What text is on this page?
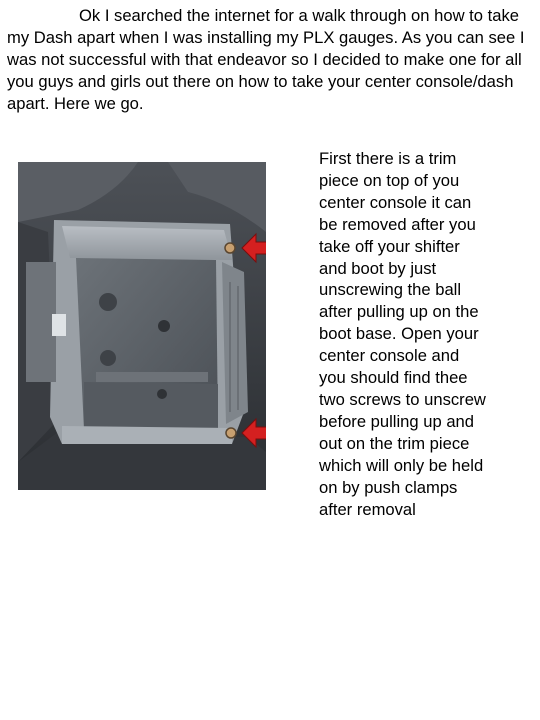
Ok I searched the internet for a walk through on how to take my Dash apart when I was installing my PLX gauges. As you can see I was not successful with that endeavor so I decided to make one for all you guys and girls out there on how to take your center console/dash apart. Here we go.

First there is a trim piece on top of you center console it can be removed after you take off your shifter and boot by just unscrewing the ball after pulling up on the boot base. Open your center console and you should find thee two screws to unscrew before pulling up and out on the trim piece which will only be held on by push clamps after removal
